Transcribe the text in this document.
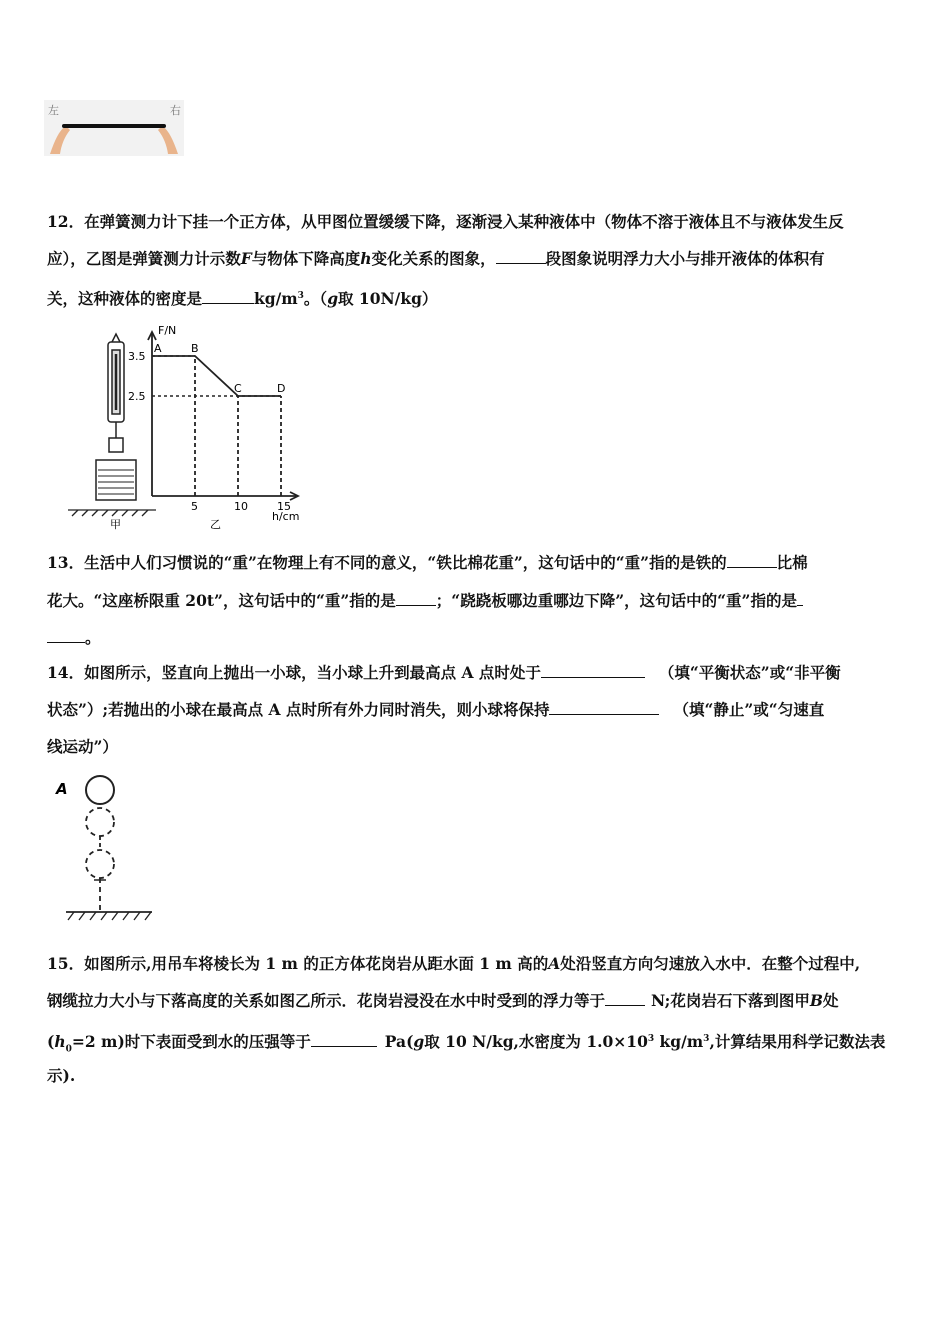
左	右
12．在弹簧测力计下挂一个正方体，从甲图位置缓缓下降，逐渐浸入某种液体中（物体不溶于液体且不与液体发生反
应），乙图是弹簧测力计示数F与物体下降高度h变化关系的图象，	段图象说明浮力大小与排开液体的体积有
关，这种液体的密度是	$kg/m^3$。（g取 10N/kg）
甲
F/N
h/cm
乙
3.5
2.5
5	10	15
A	B
C	D
13．生活中人们习惯说的“重”在物理上有不同的意义，“铁比棉花重”，这句话中的“重”指的是铁的	比棉
花大。“这座桥限重 20t”，这句话中的“重”指的是	；“跷跷板哪边重哪边下降”，这句话中的“重”指的是
。
14．如图所示，竖直向上抛出一小球，当小球上升到最高点 A 点时处于	（填“平衡状态”或“非平衡
状态”）;若抛出的小球在最高点 A 点时所有外力同时消失，则小球将保持	（填“静止”或“匀速直
线运动”）
A
15．如图所示,用吊车将棱长为 1 m 的正方体花岗岩从距水面 1 m 高的A处沿竖直方向匀速放入水中．在整个过程中,
钢缆拉力大小与下落高度的关系如图乙所示．花岗岩浸没在水中时受到的浮力等于	N;花岗岩石下落到图甲B处
($h_0=2$ m)时下表面受到水的压强等于	Pa(g取 10 N/kg,水密度为 $1.0\times 10^3$ $kg/m^3$,计算结果用科学记数法表
示).
